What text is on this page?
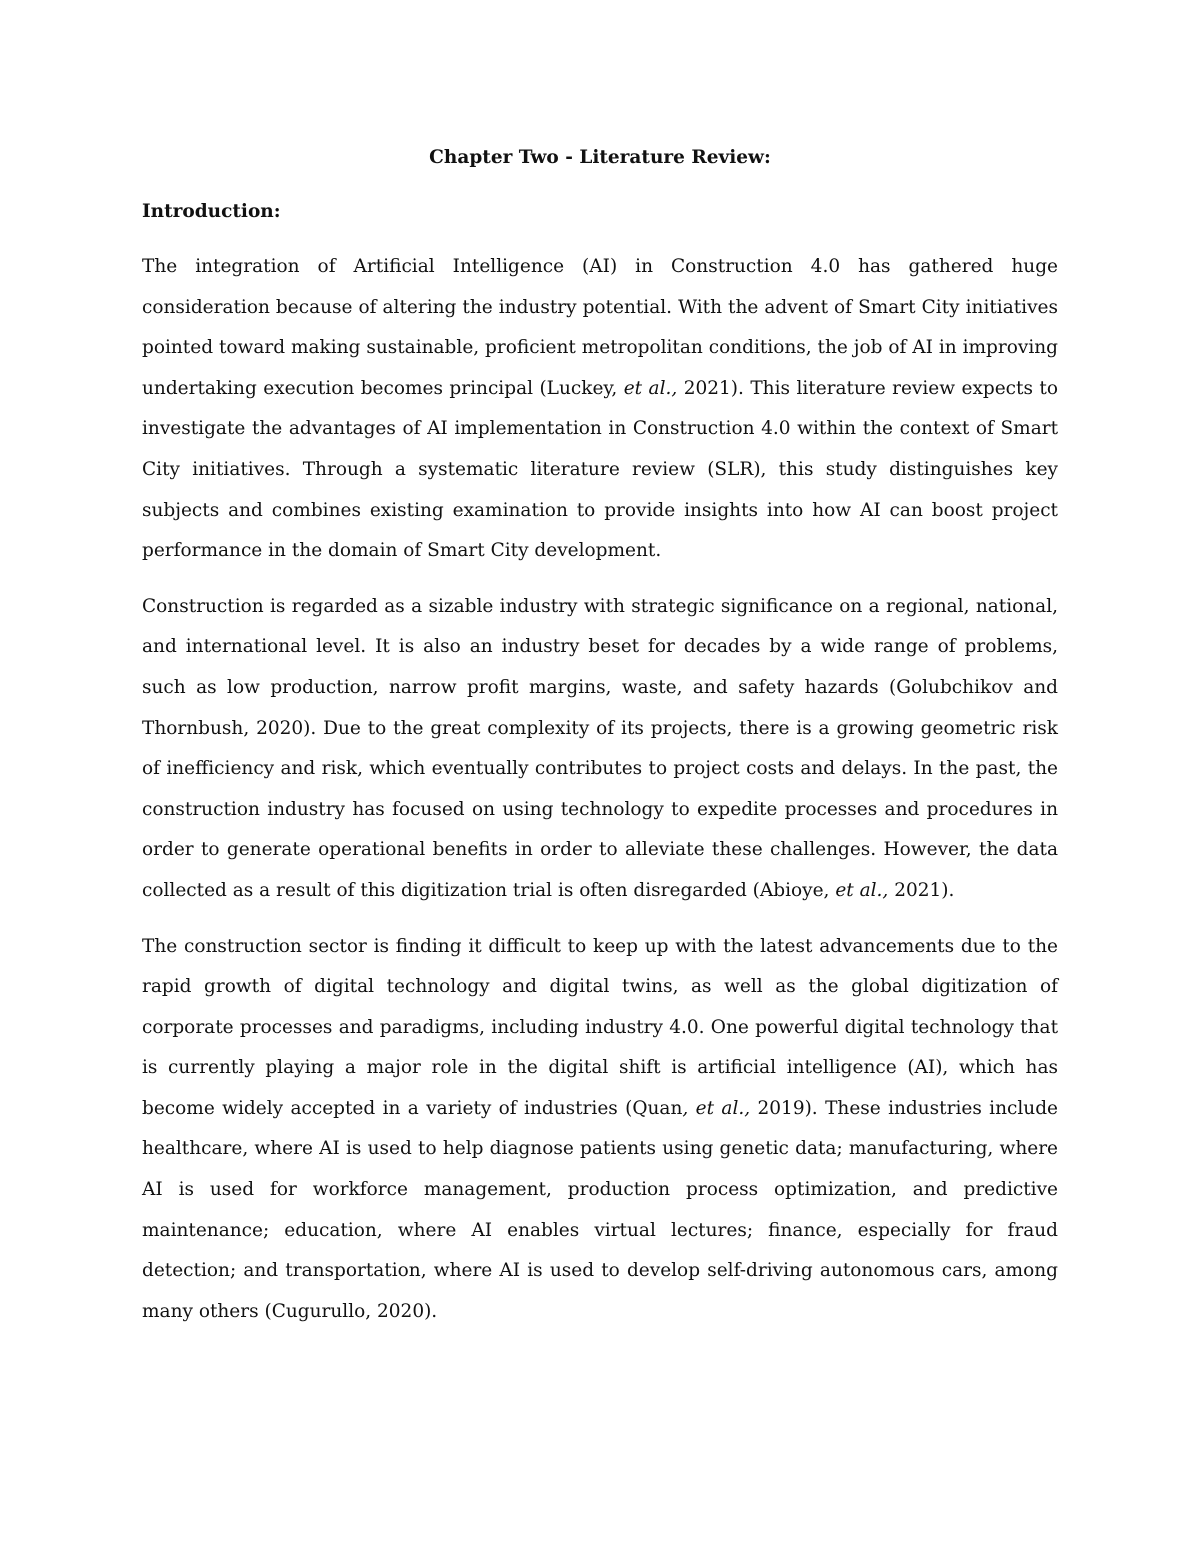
Chapter Two - Literature Review:
Introduction:

The integration of Artificial Intelligence (AI) in Construction 4.0 has gathered huge consideration because of altering the industry potential. With the advent of Smart City initiatives pointed toward making sustainable, proficient metropolitan conditions, the job of AI in improving undertaking execution becomes principal (Luckey, et al., 2021). This literature review expects to investigate the advantages of AI implementation in Construction 4.0 within the context of Smart City initiatives. Through a systematic literature review (SLR), this study distinguishes key subjects and combines existing examination to provide insights into how AI can boost project performance in the domain of Smart City development.

Construction is regarded as a sizable industry with strategic significance on a regional, national, and international level. It is also an industry beset for decades by a wide range of problems, such as low production, narrow profit margins, waste, and safety hazards (Golubchikov and Thornbush, 2020). Due to the great complexity of its projects, there is a growing geometric risk of inefficiency and risk, which eventually contributes to project costs and delays. In the past, the construction industry has focused on using technology to expedite processes and procedures in order to generate operational benefits in order to alleviate these challenges. However, the data collected as a result of this digitization trial is often disregarded (Abioye, et al., 2021).

The construction sector is finding it difficult to keep up with the latest advancements due to the rapid growth of digital technology and digital twins, as well as the global digitization of corporate processes and paradigms, including industry 4.0. One powerful digital technology that is currently playing a major role in the digital shift is artificial intelligence (AI), which has become widely accepted in a variety of industries (Quan, et al., 2019). These industries include healthcare, where AI is used to help diagnose patients using genetic data; manufacturing, where AI is used for workforce management, production process optimization, and predictive maintenance; education, where AI enables virtual lectures; finance, especially for fraud detection; and transportation, where AI is used to develop self-driving autonomous cars, among many others (Cugurullo, 2020).
